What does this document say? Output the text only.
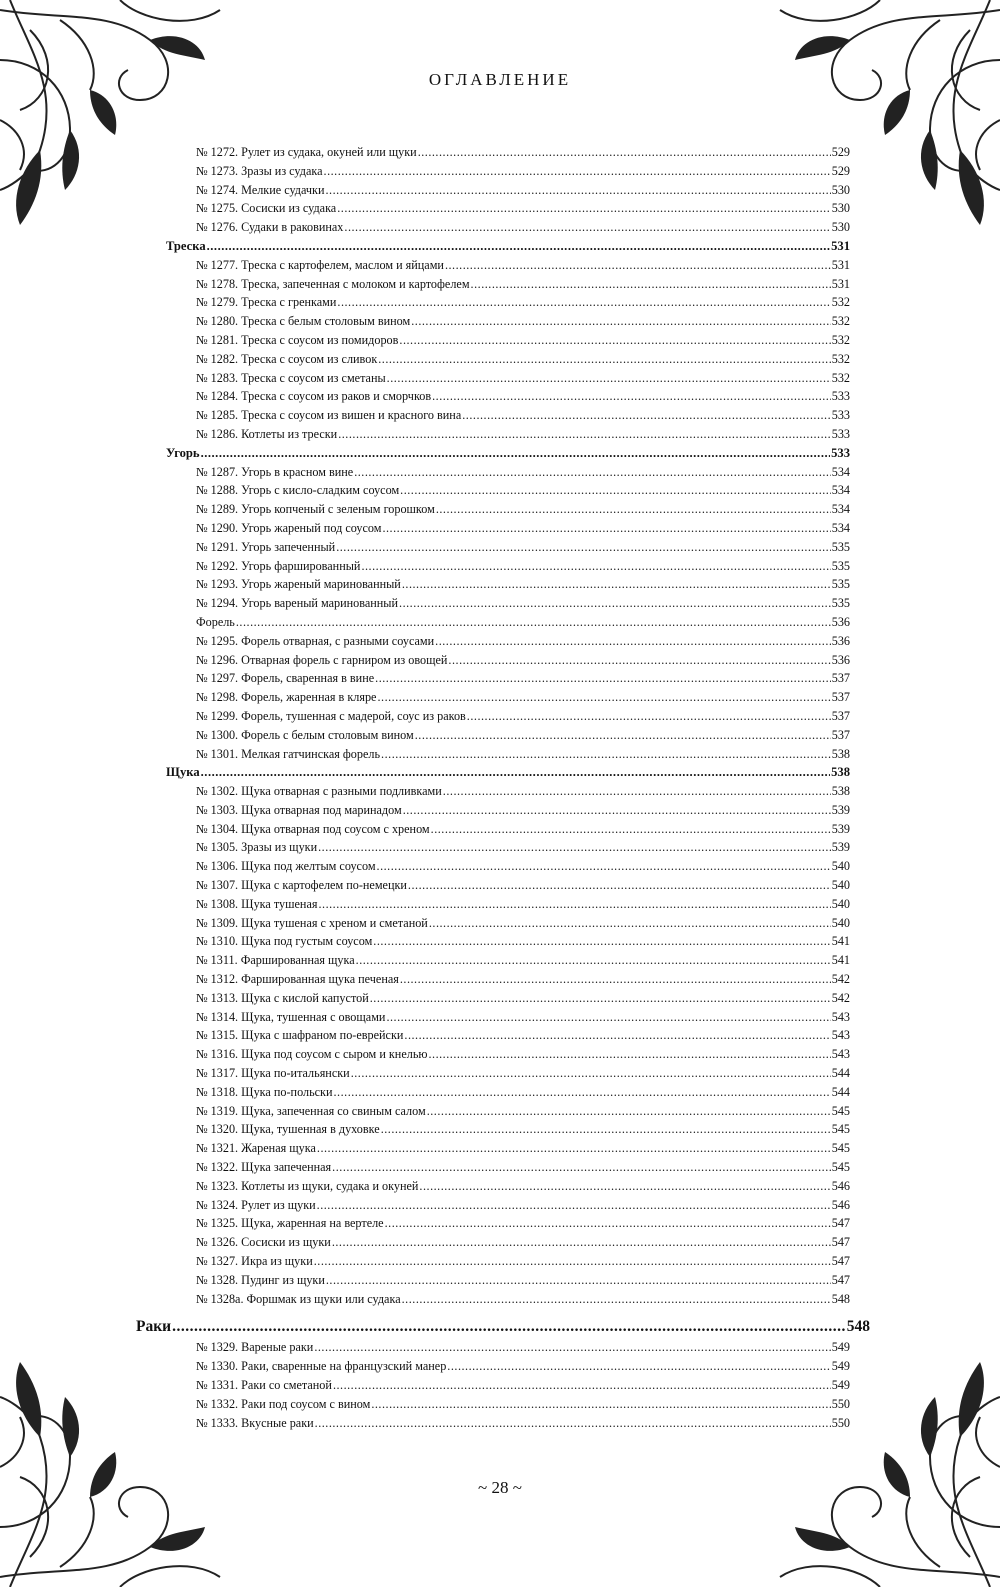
ОГЛАВЛЕНИЕ
№ 1272. Рулет из судака, окуней или щуки .....	529
№ 1273. Зразы из судака .....	529
№ 1274. Мелкие судачки .....	530
№ 1275. Сосиски из судака .....	530
№ 1276. Судаки в раковинах .....	530
Треска .....	531
№ 1277. Треска с картофелем, маслом и яйцами .....	531
№ 1278. Треска, запеченная с молоком и картофелем .....	531
№ 1279. Треска с гренками .....	532
№ 1280. Треска с белым столовым вином .....	532
№ 1281. Треска с соусом из помидоров .....	532
№ 1282. Треска с соусом из сливок .....	532
№ 1283. Треска с соусом из сметаны .....	532
№ 1284. Треска с соусом из раков и сморчков .....	533
№ 1285. Треска с соусом из вишен и красного вина .....	533
№ 1286. Котлеты из трески .....	533
Угорь .....	533
№ 1287. Угорь в красном вине .....	534
№ 1288. Угорь с кисло-сладким соусом .....	534
№ 1289. Угорь копченый с зеленым горошком .....	534
№ 1290. Угорь жареный под соусом .....	534
№ 1291. Угорь запеченный .....	535
№ 1292. Угорь фаршированный .....	535
№ 1293. Угорь жареный маринованный .....	535
№ 1294. Угорь вареный маринованный .....	535
Форель .....	536
№ 1295. Форель отварная, с разными соусами .....	536
№ 1296. Отварная форель с гарниром из овощей .....	536
№ 1297. Форель, сваренная в вине .....	537
№ 1298. Форель, жаренная в кляре .....	537
№ 1299. Форель, тушенная с мадерой, соус из раков .....	537
№ 1300. Форель с белым столовым вином .....	537
№ 1301. Мелкая гатчинская форель .....	538
Щука .....	538
№ 1302. Щука отварная с разными подливками .....	538
№ 1303. Щука отварная под маринадом .....	539
№ 1304. Щука отварная под соусом с хреном .....	539
№ 1305. Зразы из щуки .....	539
№ 1306. Щука под желтым соусом .....	540
№ 1307. Щука с картофелем по-немецки .....	540
№ 1308. Щука тушеная .....	540
№ 1309. Щука тушеная с хреном и сметаной .....	540
№ 1310. Щука под густым соусом .....	541
№ 1311. Фаршированная щука .....	541
№ 1312. Фаршированная щука печеная .....	542
№ 1313. Щука с кислой капустой .....	542
№ 1314. Щука, тушенная с овощами .....	543
№ 1315. Щука с шафраном по-еврейски .....	543
№ 1316. Щука под соусом с сыром и кнелью .....	543
№ 1317. Щука по-итальянски .....	544
№ 1318. Щука по-польски .....	544
№ 1319. Щука, запеченная со свиным салом .....	545
№ 1320. Щука, тушенная в духовке .....	545
№ 1321. Жареная щука .....	545
№ 1322. Щука запеченная .....	545
№ 1323. Котлеты из щуки, судака и окуней .....	546
№ 1324. Рулет из щуки .....	546
№ 1325. Щука, жаренная на вертеле .....	547
№ 1326. Сосиски из щуки .....	547
№ 1327. Икра из щуки .....	547
№ 1328. Пудинг из щуки .....	547
№ 1328а. Форшмак из щуки или судака .....	548
Раки .....	548
№ 1329. Вареные раки .....	549
№ 1330. Раки, сваренные на французский манер .....	549
№ 1331. Раки со сметаной .....	549
№ 1332. Раки под соусом с вином .....	550
№ 1333. Вкусные раки .....	550
~ 28 ~
